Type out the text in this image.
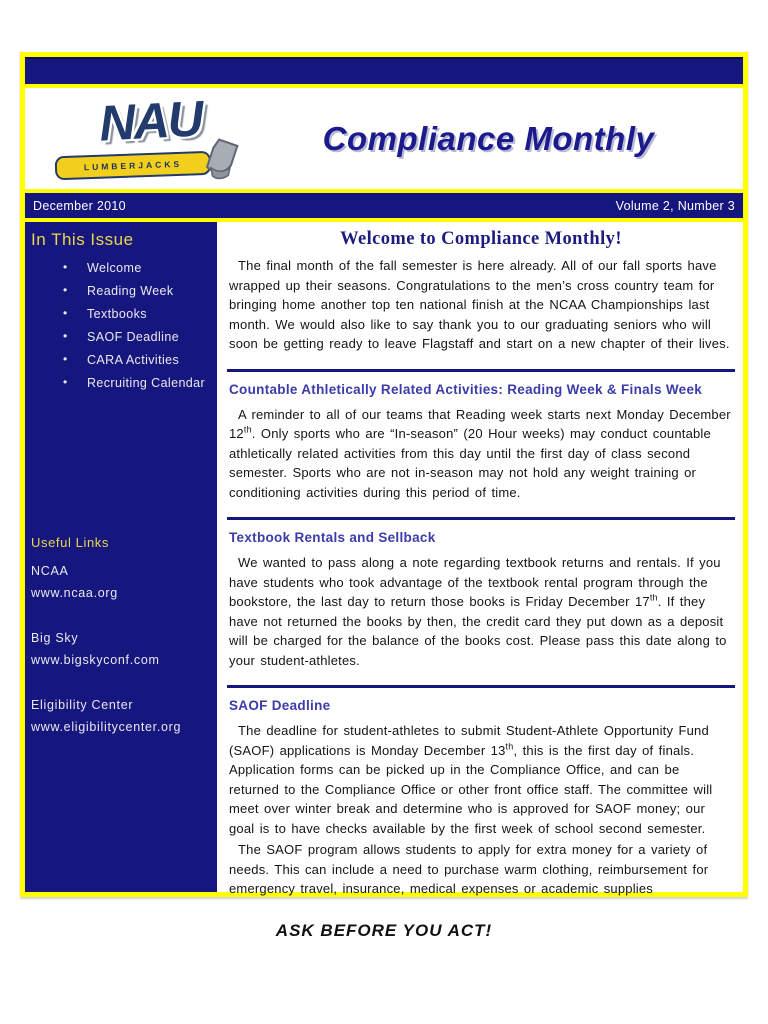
NAU
LUMBERJACKS
Compliance Monthly
December 2010	Volume 2, Number 3
In This Issue
• Welcome
• Reading Week
• Textbooks
• SAOF Deadline
• CARA Activities
• Recruiting Calendar
Useful Links
NCAA
www.ncaa.org
Big Sky
www.bigskyconf.com
Eligibility Center
www.eligibilitycenter.org
Welcome to Compliance Monthly!

The final month of the fall semester is here already. All of our fall sports have wrapped up their seasons. Congratulations to the men’s cross country team for bringing home another top ten national finish at the NCAA Championships last month. We would also like to say thank you to our graduating seniors who will soon be getting ready to leave Flagstaff and start on a new chapter of their lives.

Countable Athletically Related Activities: Reading Week & Finals Week

A reminder to all of our teams that Reading week starts next Monday December 12th. Only sports who are “In-season” (20 Hour weeks) may conduct countable athletically related activities from this day until the first day of class second semester. Sports who are not in-season may not hold any weight training or conditioning activities during this period of time.

Textbook Rentals and Sellback

We wanted to pass along a note regarding textbook returns and rentals. If you have students who took advantage of the textbook rental program through the bookstore, the last day to return those books is Friday December 17th. If they have not returned the books by then, the credit card they put down as a deposit will be charged for the balance of the books cost. Please pass this date along to your student-athletes.

SAOF Deadline

The deadline for student-athletes to submit Student-Athlete Opportunity Fund (SAOF) applications is Monday December 13th, this is the first day of finals. Application forms can be picked up in the Compliance Office, and can be returned to the Compliance Office or other front office staff. The committee will meet over winter break and determine who is approved for SAOF money; our goal is to have checks available by the first week of school second semester.

The SAOF program allows students to apply for extra money for a variety of needs. This can include a need to purchase warm clothing, reimbursement for emergency travel, insurance, medical expenses or academic supplies

ASK BEFORE YOU ACT!
